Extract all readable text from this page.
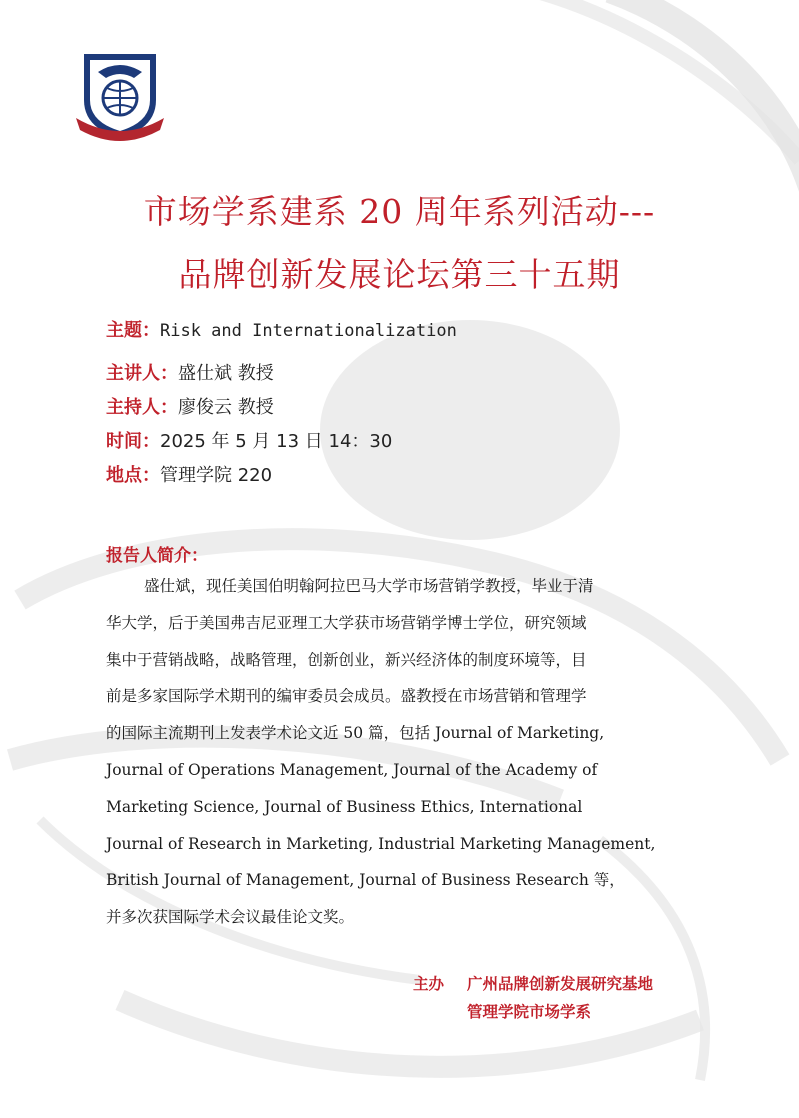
市场学系建系 20 周年系列活动---
品牌创新发展论坛第三十五期
主题：Risk and Internationalization
主讲人：盛仕斌 教授
主持人：廖俊云 教授
时间：2025 年 5 月 13 日 14：30
地点：管理学院 220
报告人简介：
盛仕斌，现任美国伯明翰阿拉巴马大学市场营销学教授，毕业于清
华大学，后于美国弗吉尼亚理工大学获市场营销学博士学位，研究领域
集中于营销战略，战略管理，创新创业，新兴经济体的制度环境等，目
前是多家国际学术期刊的编审委员会成员。盛教授在市场营销和管理学
的国际主流期刊上发表学术论文近 50 篇，包括 Journal of Marketing,
Journal of Operations Management, Journal of the Academy of
Marketing Science, Journal of Business Ethics, International
Journal of Research in Marketing, Industrial Marketing Management,
British Journal of Management, Journal of Business Research 等，
并多次获国际学术会议最佳论文奖。
主办 广州品牌创新发展研究基地
管理学院市场学系
